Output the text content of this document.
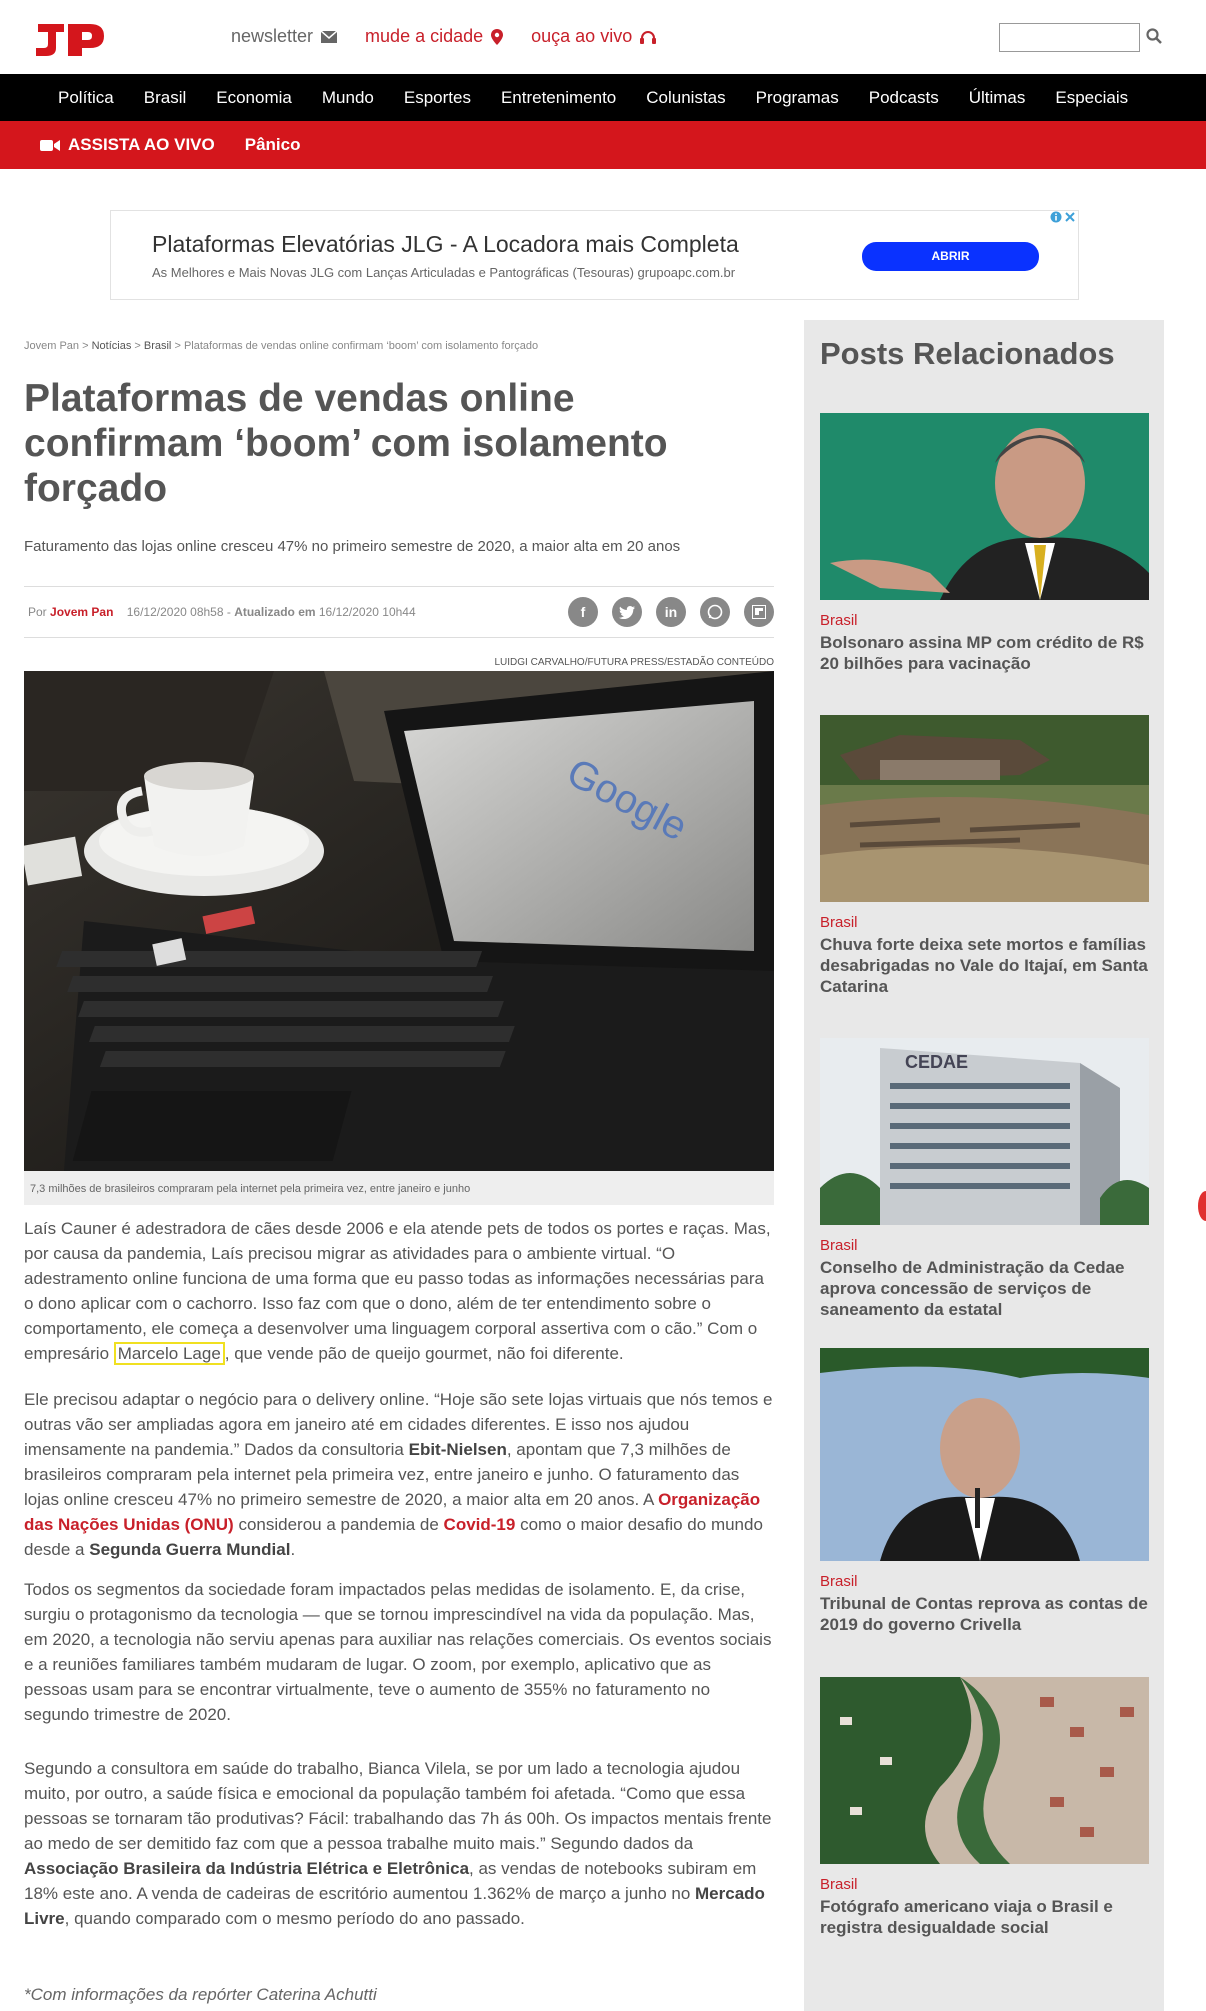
newsletter	mude a cidade	ouça ao vivo
Política Brasil Economia Mundo Esportes Entretenimento Colunistas Programas Podcasts Últimas Especiais
ASSISTA AO VIVO Pânico
Plataformas Elevatórias JLG - A Locadora mais Completa
As Melhores e Mais Novas JLG com Lanças Articuladas e Pantográficas (Tesouras) grupoapc.com.br
ABRIR
Jovem Pan > Notícias > Brasil > Plataformas de vendas online confirmam ‘boom’ com isolamento forçado
Plataformas de vendas online confirmam ‘boom’ com isolamento forçado

Faturamento das lojas online cresceu 47% no primeiro semestre de 2020, a maior alta em 20 anos

Por Jovem Pan 16/12/2020 08h58 - Atualizado em 16/12/2020 10h44	f	in
LUIDGI CARVALHO/FUTURA PRESS/ESTADÃO CONTEÚDO
Google
7,3 milhões de brasileiros compraram pela internet pela primeira vez, entre janeiro e junho

Laís Cauner é adestradora de cães desde 2006 e ela atende pets de todos os portes e raças. Mas, por causa da pandemia, Laís precisou migrar as atividades para o ambiente virtual. “O adestramento online funciona de uma forma que eu passo todas as informações necessárias para o dono aplicar com o cachorro. Isso faz com que o dono, além de ter entendimento sobre o comportamento, ele começa a desenvolver uma linguagem corporal assertiva com o cão.” Com o empresário Marcelo Lage , que vende pão de queijo gourmet, não foi diferente.

Ele precisou adaptar o negócio para o delivery online. “Hoje são sete lojas virtuais que nós temos e outras vão ser ampliadas agora em janeiro até em cidades diferentes. E isso nos ajudou imensamente na pandemia.” Dados da consultoria Ebit-Nielsen, apontam que 7,3 milhões de brasileiros compraram pela internet pela primeira vez, entre janeiro e junho. O faturamento das lojas online cresceu 47% no primeiro semestre de 2020, a maior alta em 20 anos. A Organização das Nações Unidas (ONU) considerou a pandemia de Covid-19 como o maior desafio do mundo desde a Segunda Guerra Mundial.

Todos os segmentos da sociedade foram impactados pelas medidas de isolamento. E, da crise, surgiu o protagonismo da tecnologia — que se tornou imprescindível na vida da população. Mas, em 2020, a tecnologia não serviu apenas para auxiliar nas relações comerciais. Os eventos sociais e a reuniões familiares também mudaram de lugar. O zoom, por exemplo, aplicativo que as pessoas usam para se encontrar virtualmente, teve o aumento de 355% no faturamento no segundo trimestre de 2020.

Segundo a consultora em saúde do trabalho, Bianca Vilela, se por um lado a tecnologia ajudou muito, por outro, a saúde física e emocional da população também foi afetada. “Como que essa pessoas se tornaram tão produtivas? Fácil: trabalhando das 7h ás 00h. Os impactos mentais frente ao medo de ser demitido faz com que a pessoa trabalhe muito mais.” Segundo dados da Associação Brasileira da Indústria Elétrica e Eletrônica, as vendas de notebooks subiram em 18% este ano. A venda de cadeiras de escritório aumentou 1.362% de março a junho no Mercado Livre, quando comparado com o mesmo período do ano passado.

*Com informações da repórter Caterina Achutti

Posts Relacionados
Brasil
Bolsonaro assina MP com crédito de R$ 20 bilhões para vacinação
Brasil
Chuva forte deixa sete mortos e famílias desabrigadas no Vale do Itajaí, em Santa Catarina
CEDAE
Brasil
Conselho de Administração da Cedae aprova concessão de serviços de saneamento da estatal
Brasil
Tribunal de Contas reprova as contas de 2019 do governo Crivella
Brasil
Fotógrafo americano viaja o Brasil e registra desigualdade social
